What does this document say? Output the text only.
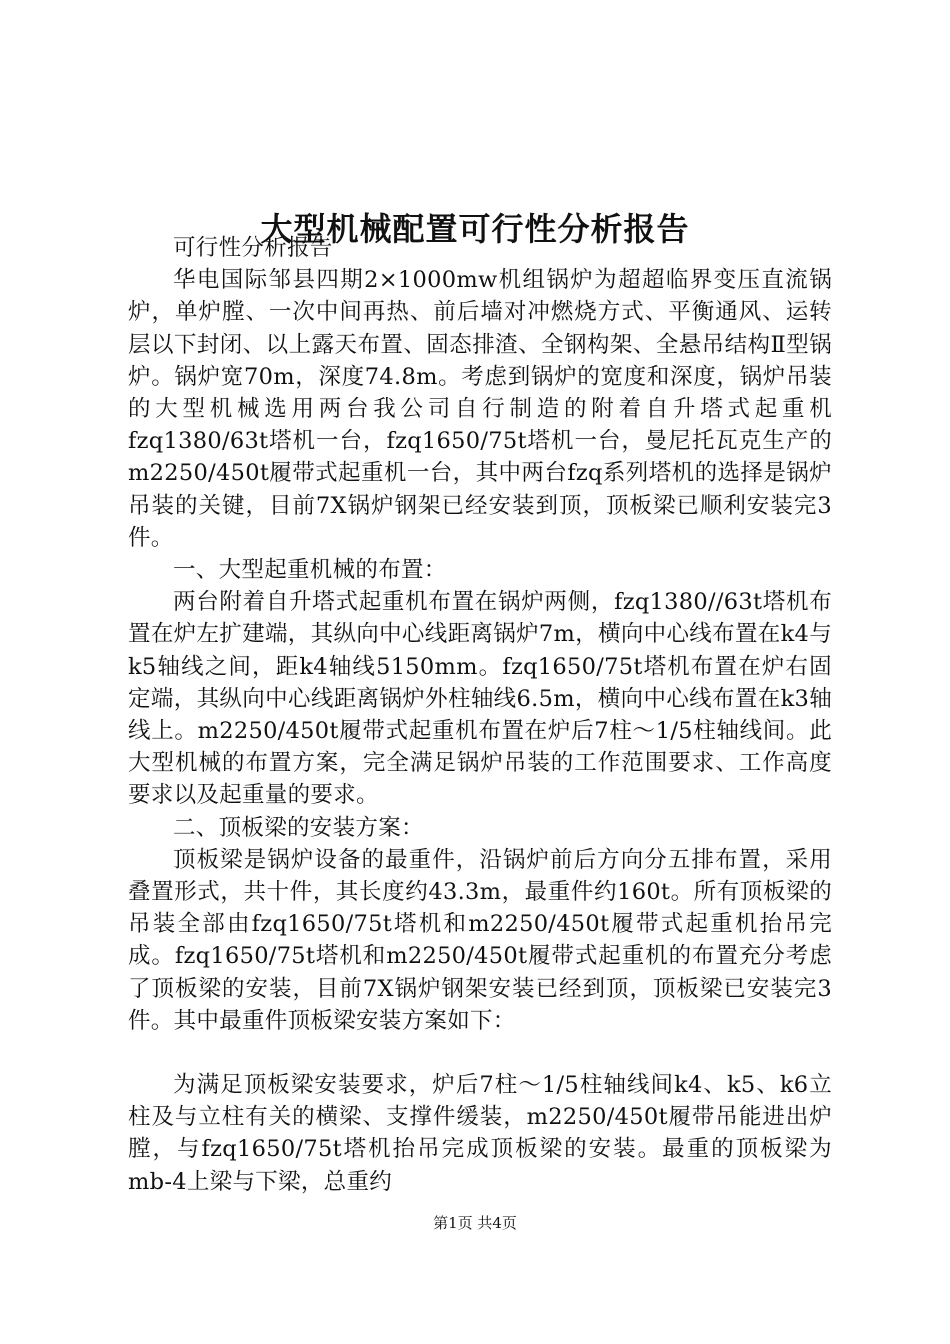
大型机械配置可行性分析报告

可行性分析报告

华电国际邹县四期2×1000mw机组锅炉为超超临界变压直流锅炉，单炉膛、一次中间再热、前后墙对冲燃烧方式、平衡通风、运转层以下封闭、以上露天布置、固态排渣、全钢构架、全悬吊结构Ⅱ型锅炉。锅炉宽70m，深度74.8m。考虑到锅炉的宽度和深度，锅炉吊装的大型机械选用两台我公司自行制造的附着自升塔式起重机fzq1380/63t塔机一台，fzq1650/75t塔机一台，曼尼托瓦克生产的m2250/450t履带式起重机一台，其中两台fzq系列塔机的选择是锅炉吊装的关键，目前7X锅炉钢架已经安装到顶，顶板梁已顺利安装完3件。

一、大型起重机械的布置：

两台附着自升塔式起重机布置在锅炉两侧，fzq1380//63t塔机布置在炉左扩建端，其纵向中心线距离锅炉7m，横向中心线布置在k4与k5轴线之间，距k4轴线5150mm。fzq1650/75t塔机布置在炉右固定端，其纵向中心线距离锅炉外柱轴线6.5m，横向中心线布置在k3轴线上。m2250/450t履带式起重机布置在炉后7柱～1/5柱轴线间。此大型机械的布置方案，完全满足锅炉吊装的工作范围要求、工作高度要求以及起重量的要求。

二、顶板梁的安装方案：

顶板梁是锅炉设备的最重件，沿锅炉前后方向分五排布置，采用叠置形式，共十件，其长度约43.3m，最重件约160t。所有顶板梁的吊装全部由fzq1650/75t塔机和m2250/450t履带式起重机抬吊完成。fzq1650/75t塔机和m2250/450t履带式起重机的布置充分考虑了顶板梁的安装，目前7X锅炉钢架安装已经到顶，顶板梁已安装完3件。其中最重件顶板梁安装方案如下：

为满足顶板梁安装要求，炉后7柱～1/5柱轴线间k4、k5、k6立柱及与立柱有关的横梁、支撑件缓装，m2250/450t履带吊能进出炉膛，与fzq1650/75t塔机抬吊完成顶板梁的安装。最重的顶板梁为mb-4上梁与下梁，总重约

第1页 共4页
